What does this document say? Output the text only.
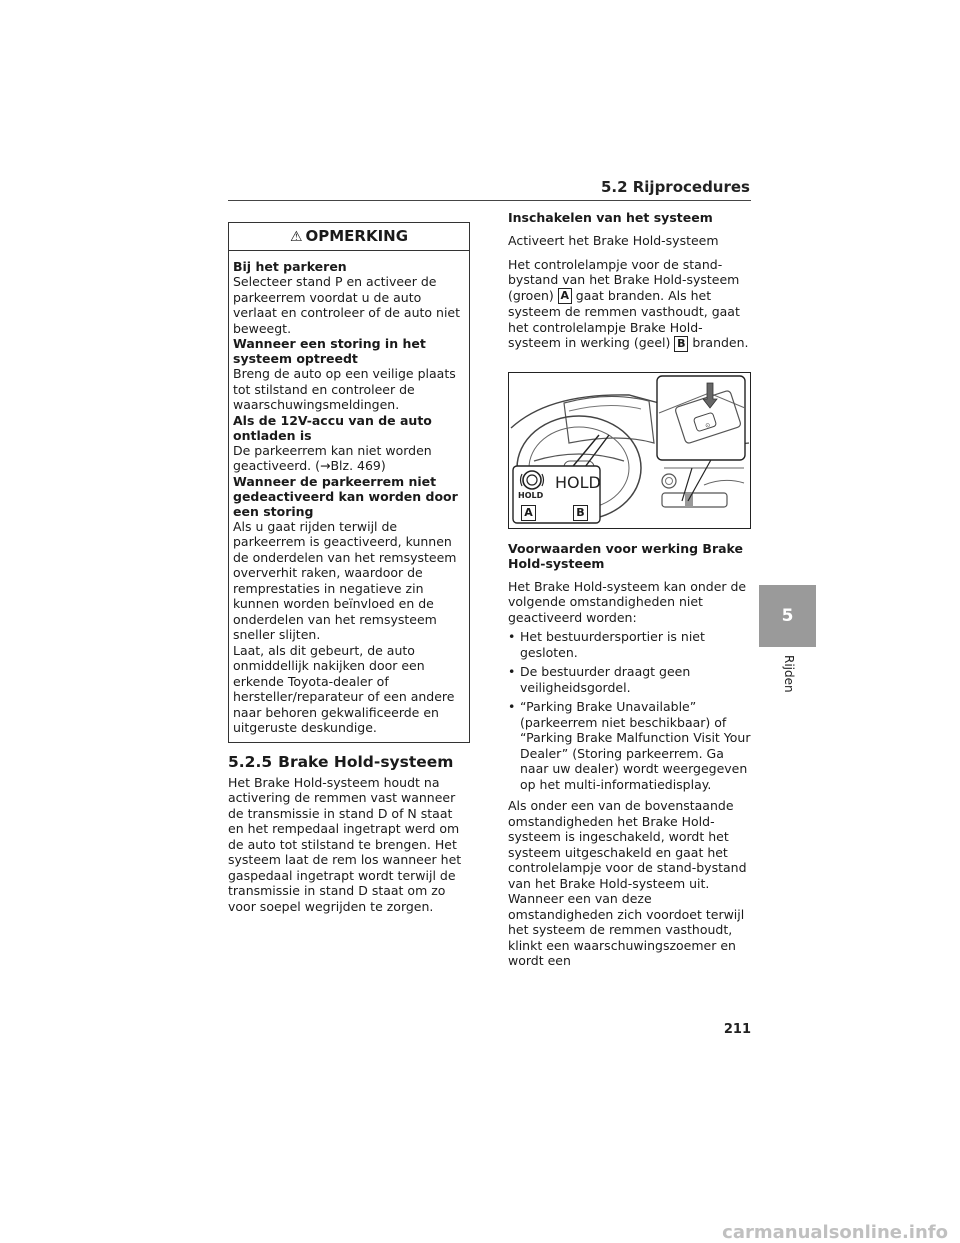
5.2 Rijprocedures
⚠ OPMERKING
Bij het parkeren

Selecteer stand P en activeer de parkeerrem voordat u de auto verlaat en controleer of de auto niet beweegt.

Wanneer een storing in het systeem optreedt

Breng de auto op een veilige plaats tot stilstand en controleer de waarschuwingsmeldingen.

Als de 12V-accu van de auto ontladen is

De parkeerrem kan niet worden geactiveerd. (→Blz. 469)

Wanneer de parkeerrem niet gedeactiveerd kan worden door een storing

Als u gaat rijden terwijl de parkeerrem is geactiveerd, kunnen de onderdelen van het remsysteem oververhit raken, waardoor de remprestaties in negatieve zin kunnen worden beïnvloed en de onderdelen van het remsysteem sneller slijten.

Laat, als dit gebeurt, de auto onmiddellijk nakijken door een erkende Toyota-dealer of hersteller/reparateur of een andere naar behoren gekwalificeerde en uitgeruste deskundige.

5.2.5 Brake Hold-systeem

Het Brake Hold-systeem houdt na activering de remmen vast wanneer de transmissie in stand D of N staat en het rempedaal ingetrapt werd om de auto tot stilstand te brengen. Het systeem laat de rem los wanneer het gaspedaal ingetrapt wordt terwijl de transmissie in stand D staat om zo voor soepel wegrijden te zorgen.

Inschakelen van het systeem

Activeert het Brake Hold-systeem

Het controlelampje voor de stand-bystand van het Brake Hold-systeem (groen) A gaat branden. Als het systeem de remmen vasthoudt, gaat het controlelampje Brake Hold-systeem in werking (geel) B branden.

⊙
HOLD
HOLD
A	B
Voorwaarden voor werking Brake Hold-systeem

Het Brake Hold-systeem kan onder de volgende omstandigheden niet geactiveerd worden:

• Het bestuurdersportier is niet gesloten.
• De bestuurder draagt geen veiligheidsgordel.
• “Parking Brake Unavailable” (parkeerrem niet beschikbaar) of “Parking Brake Malfunction Visit Your Dealer” (Storing parkeerrem. Ga naar uw dealer) wordt weergegeven op het multi-informatiedisplay.

Als onder een van de bovenstaande omstandigheden het Brake Hold-systeem is ingeschakeld, wordt het systeem uitgeschakeld en gaat het controlelampje voor de stand-bystand van het Brake Hold-systeem uit. Wanneer een van deze omstandigheden zich voordoet terwijl het systeem de remmen vasthoudt, klinkt een waarschuwingszoemer en wordt een

5
Rijden
211
carmanualsonline.info
